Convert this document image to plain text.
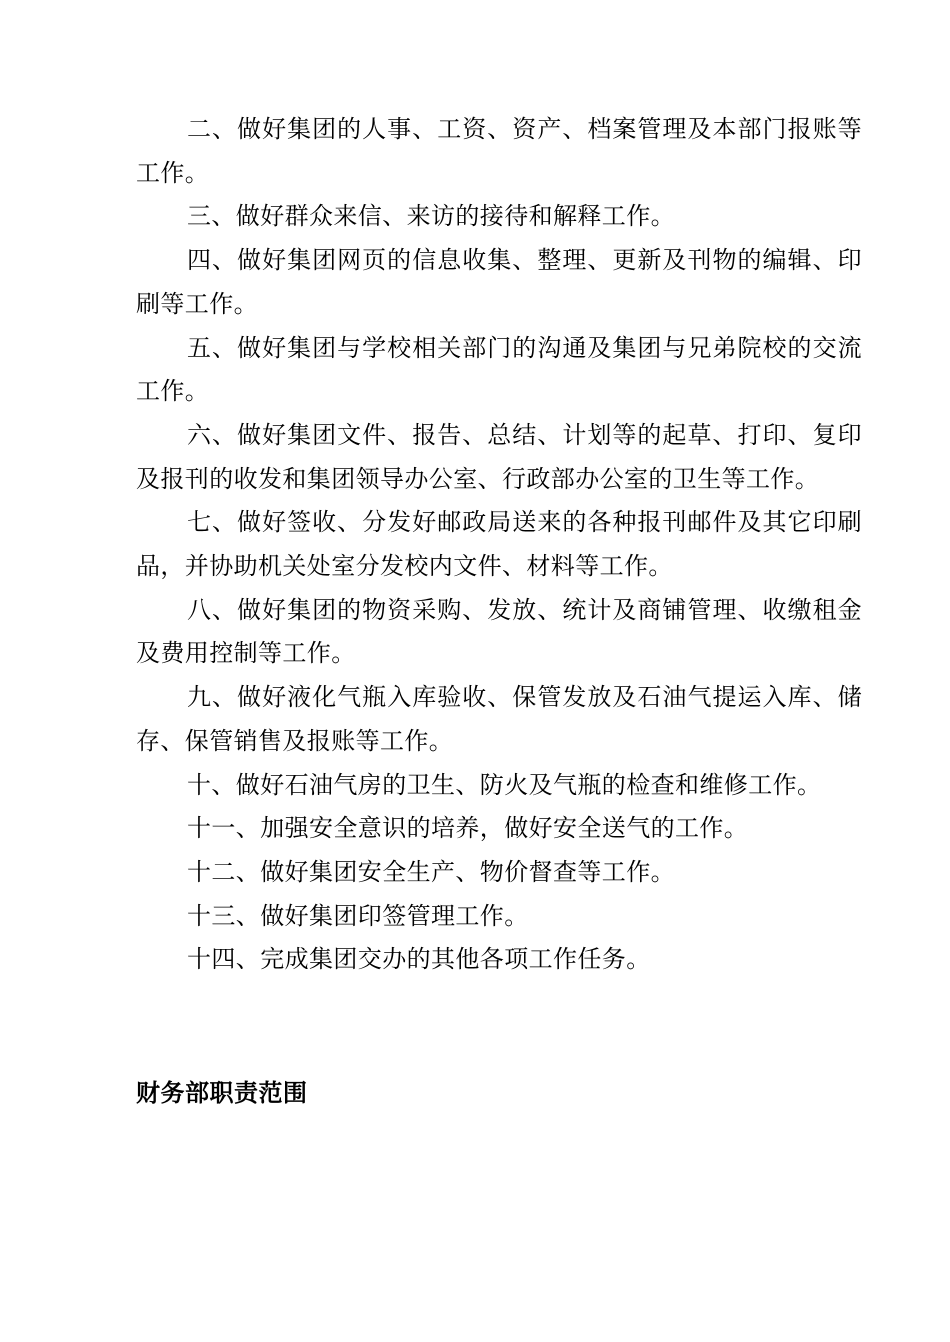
二、做好集团的人事、工资、资产、档案管理及本部门报账等工作。

三、做好群众来信、来访的接待和解释工作。

四、做好集团网页的信息收集、整理、更新及刊物的编辑、印刷等工作。

五、做好集团与学校相关部门的沟通及集团与兄弟院校的交流工作。

六、做好集团文件、报告、总结、计划等的起草、打印、复印及报刊的收发和集团领导办公室、行政部办公室的卫生等工作。

七、做好签收、分发好邮政局送来的各种报刊邮件及其它印刷品，并协助机关处室分发校内文件、材料等工作。

八、做好集团的物资采购、发放、统计及商铺管理、收缴租金及费用控制等工作。

九、做好液化气瓶入库验收、保管发放及石油气提运入库、储存、保管销售及报账等工作。

十、做好石油气房的卫生、防火及气瓶的检查和维修工作。

十一、加强安全意识的培养，做好安全送气的工作。

十二、做好集团安全生产、物价督查等工作。

十三、做好集团印签管理工作。

十四、完成集团交办的其他各项工作任务。

财务部职责范围
